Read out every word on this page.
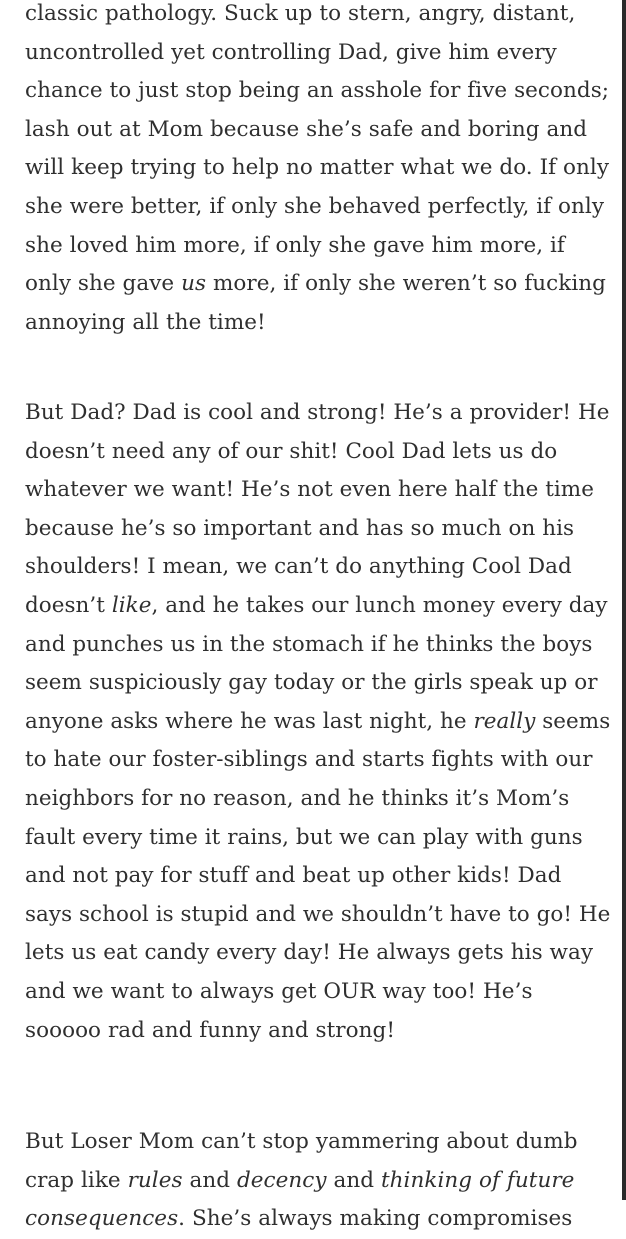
classic pathology. Suck up to stern, angry, distant,
uncontrolled yet controlling Dad, give him every
chance to just stop being an asshole for five seconds;
lash out at Mom because she’s safe and boring and
will keep trying to help no matter what we do. If only
she were better, if only she behaved perfectly, if only
she loved him more, if only she gave him more, if
only she gave us more, if only she weren’t so fucking
annoying all the time!
But Dad? Dad is cool and strong! He’s a provider! He
doesn’t need any of our shit! Cool Dad lets us do
whatever we want! He’s not even here half the time
because he’s so important and has so much on his
shoulders! I mean, we can’t do anything Cool Dad
doesn’t like, and he takes our lunch money every day
and punches us in the stomach if he thinks the boys
seem suspiciously gay today or the girls speak up or
anyone asks where he was last night, he really seems
to hate our foster-siblings and starts fights with our
neighbors for no reason, and he thinks it’s Mom’s
fault every time it rains, but we can play with guns
and not pay for stuff and beat up other kids! Dad
says school is stupid and we shouldn’t have to go! He
lets us eat candy every day! He always gets his way
and we want to always get OUR way too! He’s
sooooo rad and funny and strong!
But Loser Mom can’t stop yammering about dumb
crap like rules and decency and thinking of future
consequences. She’s always making compromises
